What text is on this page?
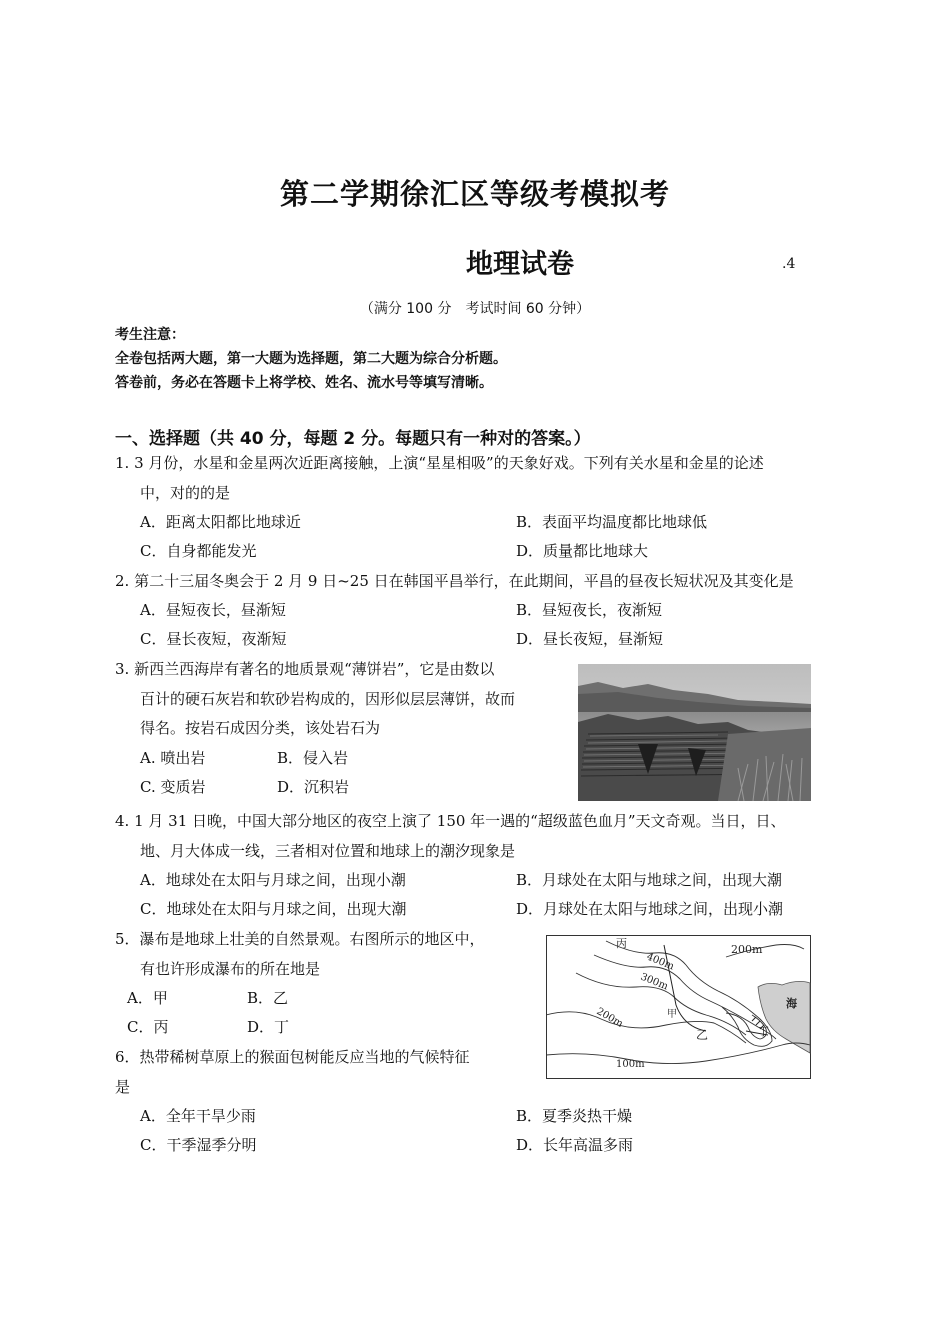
第二学期徐汇区等级考模拟考
地理试卷	.4
（满分 100 分　考试时间 60 分钟）
考生注意：
全卷包括两大题，第一大题为选择题，第二大题为综合分析题。
答卷前，务必在答题卡上将学校、姓名、流水号等填写清晰。
一、选择题（共 40 分，每题 2 分。每题只有一种对的答案。）
1. 3 月份，水星和金星两次近距离接触，上演“星星相吸”的天象好戏。下列有关水星和金星的论述
中，对的的是
A．距离太阳都比地球近	B．表面平均温度都比地球低
C．自身都能发光	D．质量都比地球大
2. 第二十三届冬奥会于 2 月 9 日~25 日在韩国平昌举行，在此期间，平昌的昼夜长短状况及其变化是
A．昼短夜长，昼渐短	B．昼短夜长，夜渐短
C．昼长夜短，夜渐短	D．昼长夜短，昼渐短
3. 新西兰西海岸有著名的地质景观“薄饼岩”，它是由数以
百计的硬石灰岩和软砂岩构成的，因形似层层薄饼，故而
得名。按岩石成因分类，该处岩石为
A. 喷出岩	B．侵入岩
C. 变质岩	D．沉积岩
4. 1 月 31 日晚，中国大部分地区的夜空上演了 150 年一遇的“超级蓝色血月”天文奇观。当日，日、
地、月大体成一线，三者相对位置和地球上的潮汐现象是
A．地球处在太阳与月球之间，出现小潮	B．月球处在太阳与地球之间，出现大潮
C．地球处在太阳与月球之间，出现大潮	D．月球处在太阳与地球之间，出现小潮
5．瀑布是地球上壮美的自然景观。右图所示的地区中，
有也许形成瀑布的所在地是
A．甲	B．乙
C．丙	D．丁
丙
甲
乙	丁
海
200m
400m
300m
200m
100m
6．热带稀树草原上的猴面包树能反应当地的气候特征
是
A．全年干旱少雨	B．夏季炎热干燥
C．干季湿季分明	D．长年高温多雨
